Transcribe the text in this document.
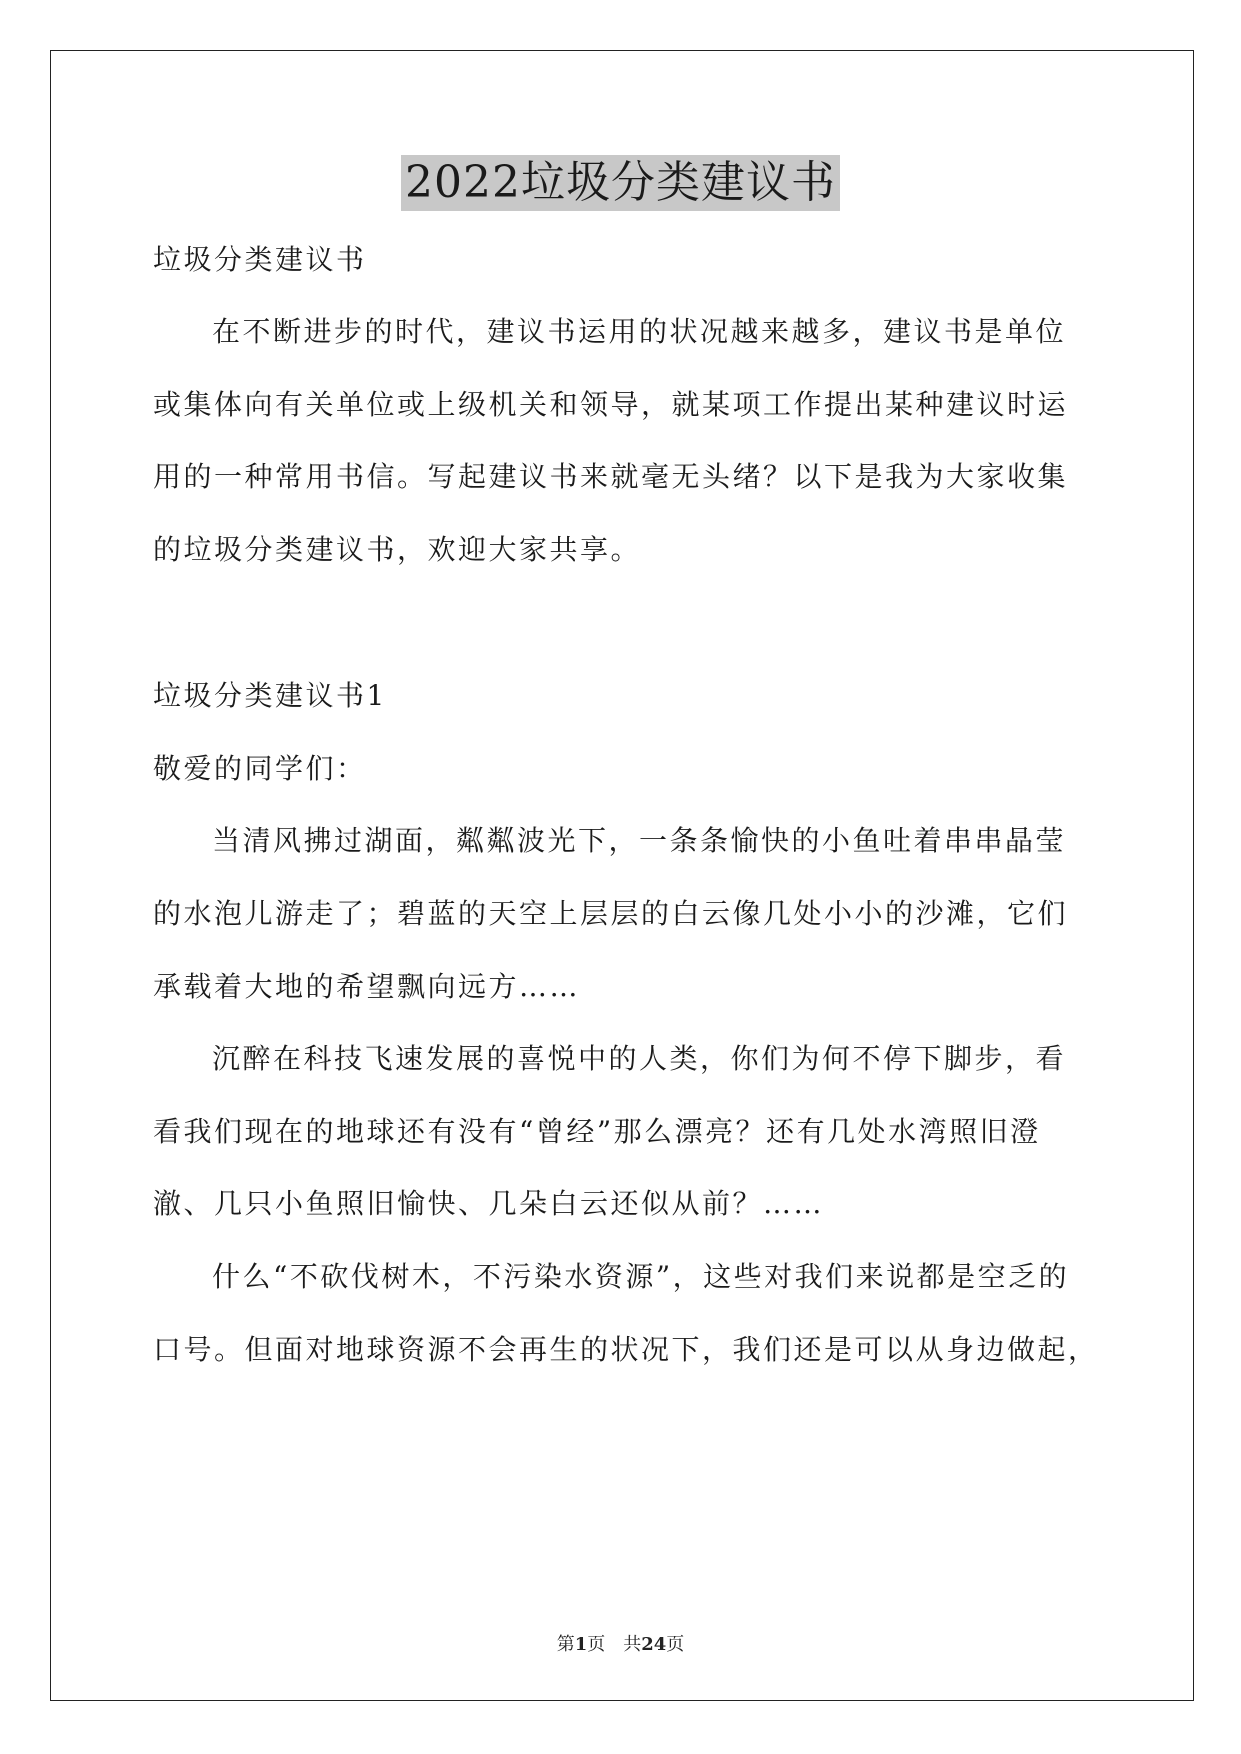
2022垃圾分类建议书
垃圾分类建议书
在不断进步的时代，建议书运用的状况越来越多，建议书是单位
或集体向有关单位或上级机关和领导，就某项工作提出某种建议时运
用的一种常用书信。写起建议书来就毫无头绪？以下是我为大家收集
的垃圾分类建议书，欢迎大家共享。
垃圾分类建议书1
敬爱的同学们：
当清风拂过湖面，粼粼波光下，一条条愉快的小鱼吐着串串晶莹
的水泡儿游走了；碧蓝的天空上层层的白云像几处小小的沙滩，它们
承载着大地的希望飘向远方……
沉醉在科技飞速发展的喜悦中的人类，你们为何不停下脚步，看
看我们现在的地球还有没有“曾经”那么漂亮？还有几处水湾照旧澄
澈、几只小鱼照旧愉快、几朵白云还似从前？……
什么“不砍伐树木，不污染水资源”，这些对我们来说都是空乏的
口号。但面对地球资源不会再生的状况下，我们还是可以从身边做起，
第1页　共24页
